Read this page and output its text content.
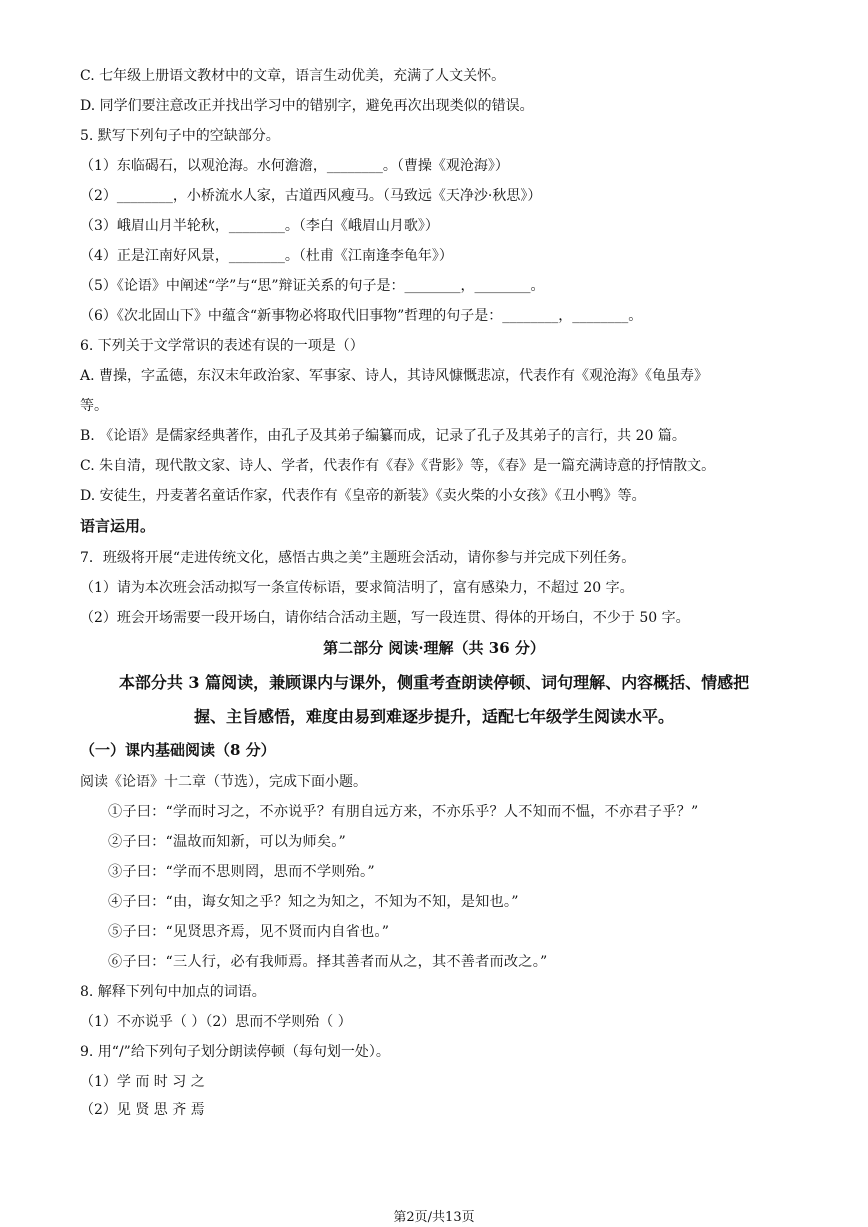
C. 七年级上册语文教材中的文章，语言生动优美，充满了人文关怀。
D. 同学们要注意改正并找出学习中的错别字，避免再次出现类似的错误。
5. 默写下列句子中的空缺部分。
（1）东临碣石，以观沧海。水何澹澹，________。（曹操《观沧海》）
（2）________，小桥流水人家，古道西风瘦马。（马致远《天净沙·秋思》）
（3）峨眉山月半轮秋，________。（李白《峨眉山月歌》）
（4）正是江南好风景，________。（杜甫《江南逢李龟年》）
（5）《论语》中阐述“学”与“思”辩证关系的句子是：________，________。
（6）《次北固山下》中蕴含“新事物必将取代旧事物”哲理的句子是：________，________。
6. 下列关于文学常识的表述有误的一项是（）
A. 曹操，字孟德，东汉末年政治家、军事家、诗人，其诗风慷慨悲凉，代表作有《观沧海》《龟虽寿》
等。
B. 《论语》是儒家经典著作，由孔子及其弟子编纂而成，记录了孔子及其弟子的言行，共 20 篇。
C. 朱自清，现代散文家、诗人、学者，代表作有《春》《背影》等，《春》是一篇充满诗意的抒情散文。
D. 安徒生，丹麦著名童话作家，代表作有《皇帝的新装》《卖火柴的小女孩》《丑小鸭》等。
语言运用。
7．班级将开展“走进传统文化，感悟古典之美”主题班会活动，请你参与并完成下列任务。
（1）请为本次班会活动拟写一条宣传标语，要求简洁明了，富有感染力，不超过 20 字。
（2）班会开场需要一段开场白，请你结合活动主题，写一段连贯、得体的开场白，不少于 50 字。
第二部分 阅读·理解（共 36 分）
本部分共 3 篇阅读，兼顾课内与课外，侧重考查朗读停顿、词句理解、内容概括、情感把
握、主旨感悟，难度由易到难逐步提升，适配七年级学生阅读水平。
（一）课内基础阅读（8 分）
阅读《论语》十二章（节选），完成下面小题。
①子曰：“学而时习之，不亦说乎？有朋自远方来，不亦乐乎？人不知而不愠，不亦君子乎？”
②子曰：“温故而知新，可以为师矣。”
③子曰：“学而不思则罔，思而不学则殆。”
④子曰：“由，诲女知之乎？知之为知之，不知为不知，是知也。”
⑤子曰：“见贤思齐焉，见不贤而内自省也。”
⑥子曰：“三人行，必有我师焉。择其善者而从之，其不善者而改之。”
8. 解释下列句中加点的词语。
（1）不亦说乎（ ）（2）思而不学则殆（ ）
9. 用“/”给下列句子划分朗读停顿（每句划一处）。
（1）学 而 时 习 之
（2）见 贤 思 齐 焉
第2页/共13页
